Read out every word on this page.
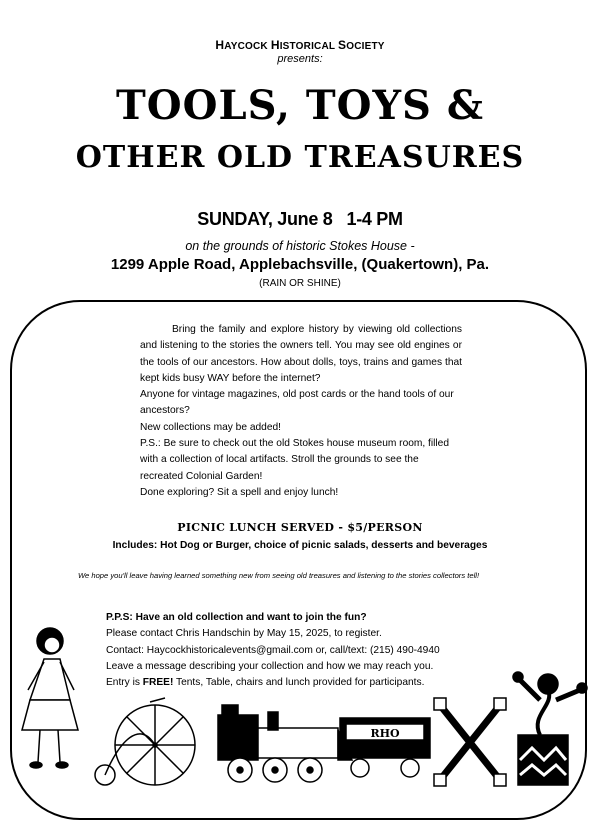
HAYCOCK HISTORICAL SOCIETY
presents:
TOOLS, TOYS &
OTHER OLD TREASURES
SUNDAY, June 8 1-4 PM
on the grounds of historic Stokes House -
1299 Apple Road, Applebachsville, (Quakertown), Pa.
(RAIN OR SHINE)

Bring the family and explore history by viewing old collections and listening to the stories the owners tell. You may see old engines or the tools of our ancestors. How about dolls, toys, trains and games that kept kids busy WAY before the internet?

Anyone for vintage magazines, old post cards or the hand tools of our ancestors?

New collections may be added!

P.S.: Be sure to check out the old Stokes house museum room, filled with a collection of local artifacts. Stroll the grounds to see the recreated Colonial Garden!

Done exploring? Sit a spell and enjoy lunch!

PICNIC LUNCH SERVED - $5/PERSON
Includes: Hot Dog or Burger, choice of picnic salads, desserts and beverages
We hope you'll leave having learned something new from seeing old treasures and listening to the stories collectors tell!

P.P.S: Have an old collection and want to join the fun?

Please contact Chris Handschin by May 15, 2025, to register.

Contact: Haycockhistoricalevents@gmail.com or, call/text: (215) 490-4940

Leave a message describing your collection and how we may reach you.

Entry is FREE! Tents, Table, chairs and lunch provided for participants.

RHO
